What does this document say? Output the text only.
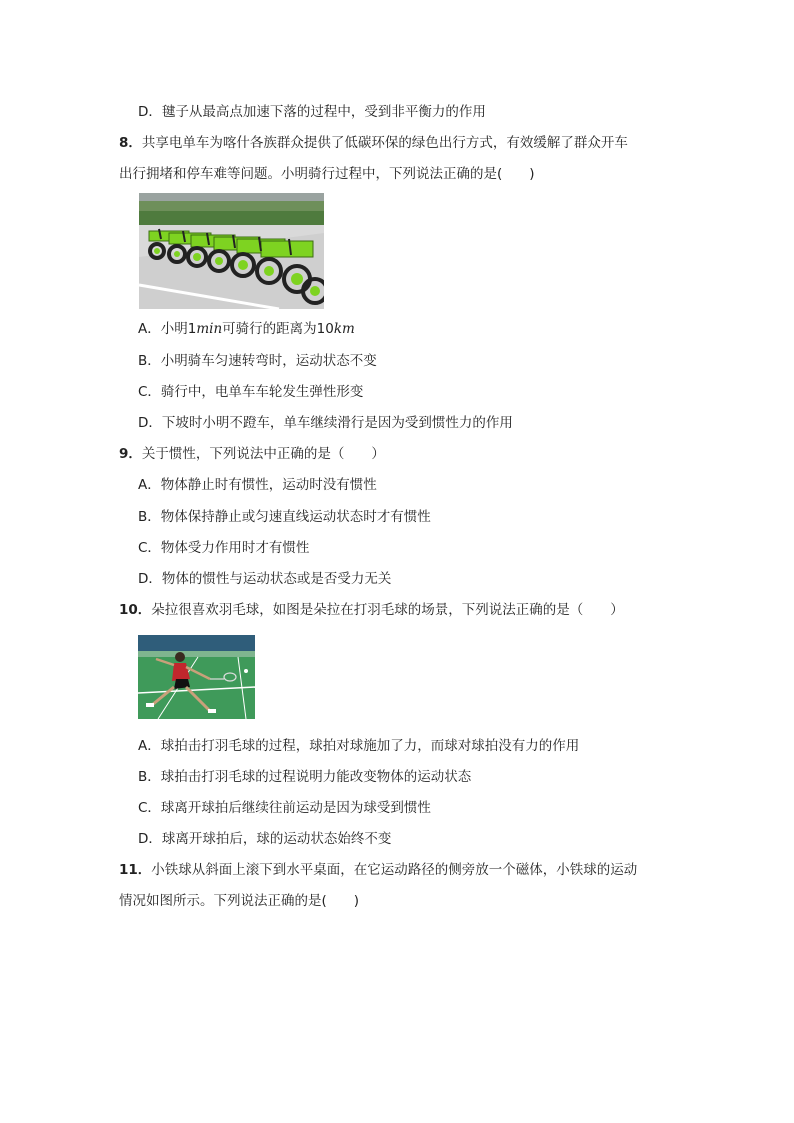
D．毽子从最高点加速下落的过程中，受到非平衡力的作用
8．共享电单车为喀什各族群众提供了低碳环保的绿色出行方式，有效缓解了群众开车
出行拥堵和停车难等问题。小明骑行过程中，下列说法正确的是(　　)
A．小明1min可骑行的距离为10km
B．小明骑车匀速转弯时，运动状态不变
C．骑行中，电单车车轮发生弹性形变
D．下坡时小明不蹬车，单车继续滑行是因为受到惯性力的作用
9．关于惯性，下列说法中正确的是（　　）
A．物体静止时有惯性，运动时没有惯性
B．物体保持静止或匀速直线运动状态时才有惯性
C．物体受力作用时才有惯性
D．物体的惯性与运动状态或是否受力无关
10．朵拉很喜欢羽毛球，如图是朵拉在打羽毛球的场景，下列说法正确的是（　　）
A．球拍击打羽毛球的过程，球拍对球施加了力，而球对球拍没有力的作用
B．球拍击打羽毛球的过程说明力能改变物体的运动状态
C．球离开球拍后继续往前运动是因为球受到惯性
D．球离开球拍后，球的运动状态始终不变
11．小铁球从斜面上滚下到水平桌面，在它运动路径的侧旁放一个磁体，小铁球的运动
情况如图所示。下列说法正确的是(　　)
